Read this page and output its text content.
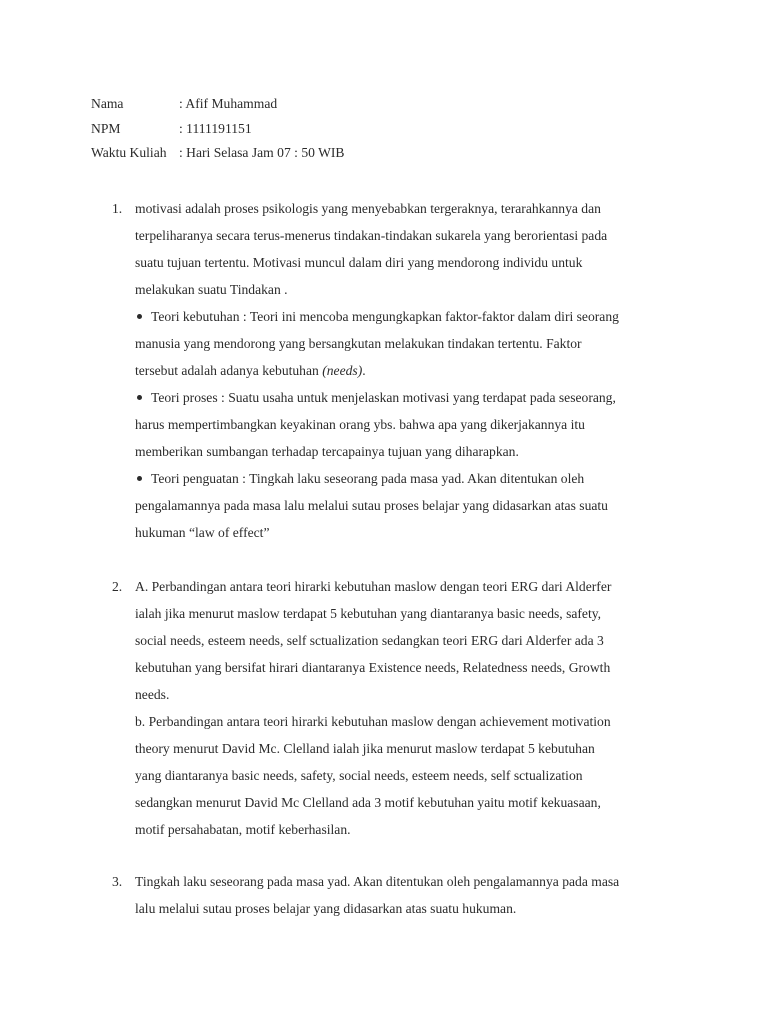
Nama	: Afif Muhammad
NPM	: 1111191151
Waktu Kuliah : Hari Selasa Jam 07 : 50 WIB
1. motivasi adalah proses psikologis yang menyebabkan tergeraknya, terarahkannya dan
terpeliharanya secara terus-menerus tindakan-tindakan sukarela yang berorientasi pada
suatu tujuan tertentu. Motivasi muncul dalam diri yang mendorong individu untuk
melakukan suatu Tindakan .
Teori kebutuhan : Teori ini mencoba mengungkapkan faktor-faktor dalam diri seorang
manusia yang mendorong yang bersangkutan melakukan tindakan tertentu. Faktor
tersebut adalah adanya kebutuhan (needs).
Teori proses : Suatu usaha untuk menjelaskan motivasi yang terdapat pada seseorang,
harus mempertimbangkan keyakinan orang ybs. bahwa apa yang dikerjakannya itu
memberikan sumbangan terhadap tercapainya tujuan yang diharapkan.
Teori penguatan : Tingkah laku seseorang pada masa yad. Akan ditentukan oleh
pengalamannya pada masa lalu melalui sutau proses belajar yang didasarkan atas suatu
hukuman “law of effect”
2. A. Perbandingan antara teori hirarki kebutuhan maslow dengan teori ERG dari Alderfer
ialah jika menurut maslow terdapat 5 kebutuhan yang diantaranya basic needs, safety,
social needs, esteem needs, self sctualization sedangkan teori ERG dari Alderfer ada 3
kebutuhan yang bersifat hirari diantaranya Existence needs, Relatedness needs, Growth
needs.
b. Perbandingan antara teori hirarki kebutuhan maslow dengan achievement motivation
theory menurut David Mc. Clelland ialah jika menurut maslow terdapat 5 kebutuhan
yang diantaranya basic needs, safety, social needs, esteem needs, self sctualization
sedangkan menurut David Mc Clelland ada 3 motif kebutuhan yaitu motif kekuasaan,
motif persahabatan, motif keberhasilan.
3. Tingkah laku seseorang pada masa yad. Akan ditentukan oleh pengalamannya pada masa
lalu melalui sutau proses belajar yang didasarkan atas suatu hukuman.
